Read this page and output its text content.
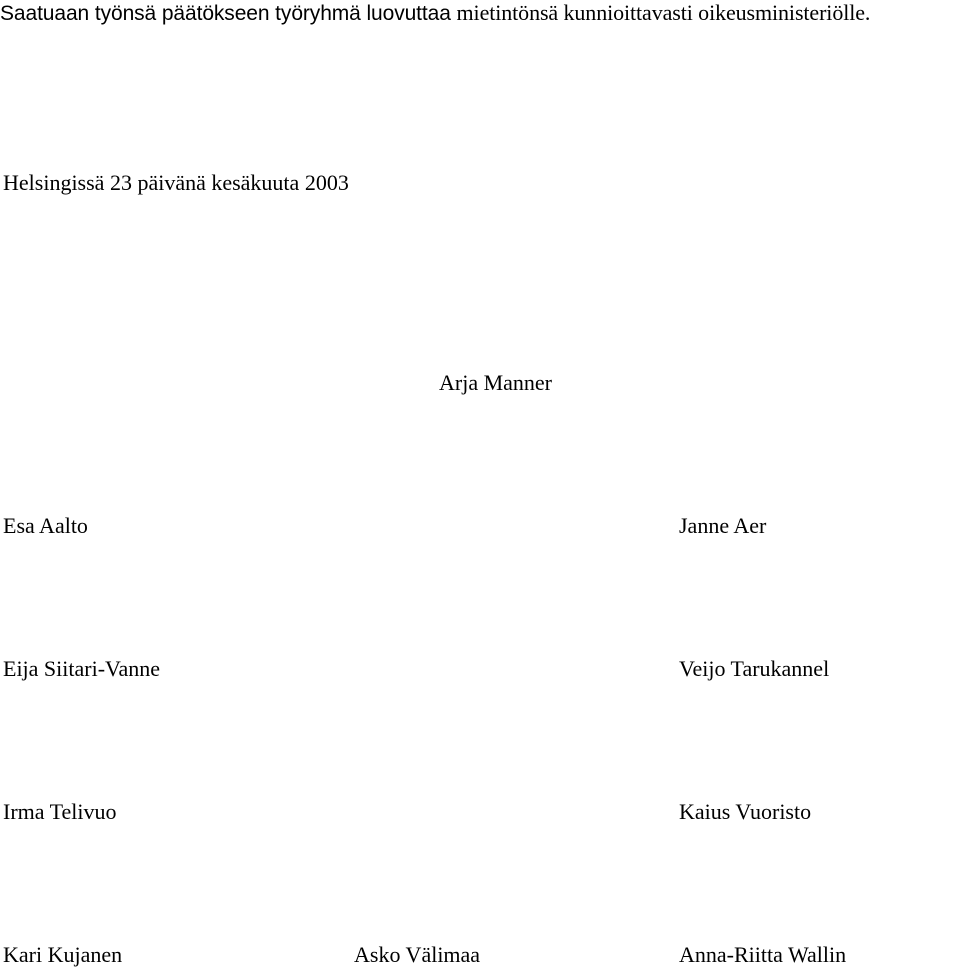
Saatuaan työnsä päätökseen työryhmä luovuttaa mietintönsä kunnioittavasti oikeusministeriölle.
Helsingissä 23 päivänä kesäkuuta 2003
Arja Manner
Esa Aalto	Janne Aer
Eija Siitari-Vanne	Veijo Tarukannel
Irma Telivuo	Kaius Vuoristo
Kari Kujanen	Asko Välimaa	Anna-Riitta Wallin
